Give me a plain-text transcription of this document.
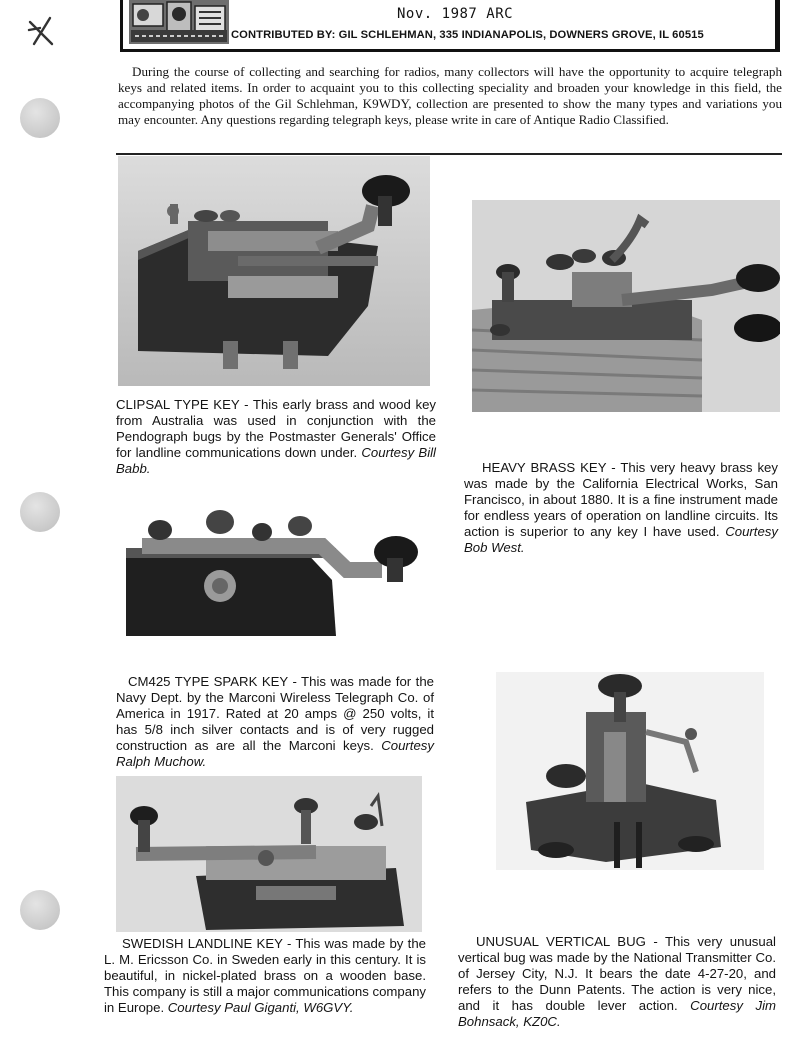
Nov. 1987 ARC
CONTRIBUTED BY: GIL SCHLEHMAN, 335 INDIANAPOLIS, DOWNERS GROVE, IL 60515

During the course of collecting and searching for radios, many collectors will have the opportunity to acquire telegraph keys and related items. In order to acquaint you to this collecting speciality and broaden your knowledge in this field, the accompanying photos of the Gil Schlehman, K9WDY, collection are presented to show the many types and variations you may encounter. Any questions regarding telegraph keys, please write in care of Antique Radio Classified.

CLIPSAL TYPE KEY - This early brass and wood key from Australia was used in conjunction with the Pendograph bugs by the Postmaster Generals' Office for landline communications down under. Courtesy Bill Babb.	HEAVY BRASS KEY - This very heavy brass key was made by the California Electrical Works, San Francisco, in about 1880. It is a fine instrument made for endless years of operation on landline circuits. Its action is superior to any key I have used. Courtesy Bob West.

CM425 TYPE SPARK KEY - This was made for the Navy Dept. by the Marconi Wireless Telegraph Co. of America in 1917. Rated at 20 amps @ 250 volts, it has 5/8 inch silver contacts and is of very rugged construction as are all the Marconi keys. Courtesy Ralph Muchow.

SWEDISH LANDLINE KEY - This was made by the L. M. Ericsson Co. in Sweden early in this century. It is beautiful, in nickel-plated brass on a wooden base. This company is still a major communications company in Europe. Courtesy Paul Giganti, W6GVY.

UNUSUAL VERTICAL BUG - This very unusual vertical bug was made by the National Transmitter Co. of Jersey City, N.J. It bears the date 4-27-20, and refers to the Dunn Patents. The action is very nice, and it has double lever action. Courtesy Jim Bohnsack, KZ0C.
